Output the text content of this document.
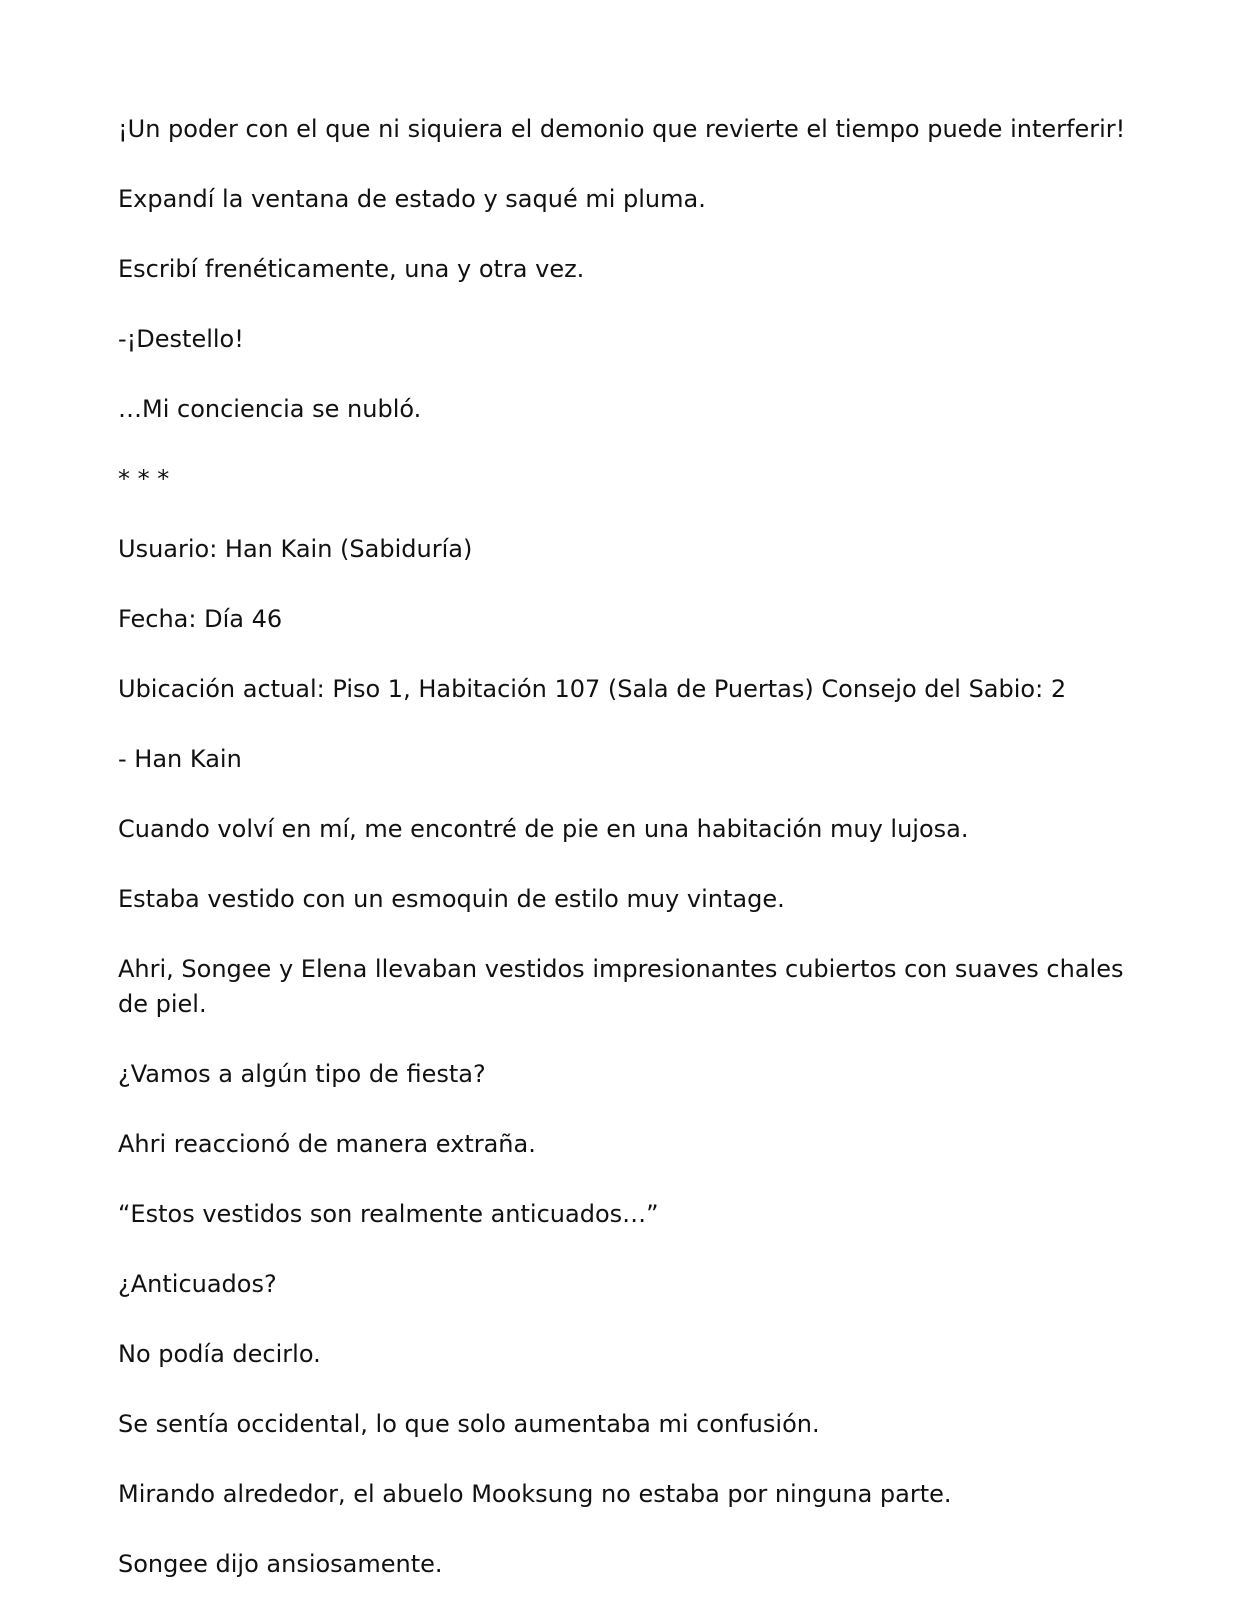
¡Un poder con el que ni siquiera el demonio que revierte el tiempo puede interferir!

Expandí la ventana de estado y saqué mi pluma.

Escribí frenéticamente, una y otra vez.

-¡Destello!

…Mi conciencia se nubló.

* * *

Usuario: Han Kain (Sabiduría)

Fecha: Día 46

Ubicación actual: Piso 1, Habitación 107 (Sala de Puertas) Consejo del Sabio: 2

- Han Kain

Cuando volví en mí, me encontré de pie en una habitación muy lujosa.

Estaba vestido con un esmoquin de estilo muy vintage.

Ahri, Songee y Elena llevaban vestidos impresionantes cubiertos con suaves chales de piel.

¿Vamos a algún tipo de fiesta?

Ahri reaccionó de manera extraña.

“Estos vestidos son realmente anticuados…”

¿Anticuados?

No podía decirlo.

Se sentía occidental, lo que solo aumentaba mi confusión.

Mirando alrededor, el abuelo Mooksung no estaba por ninguna parte.

Songee dijo ansiosamente.
